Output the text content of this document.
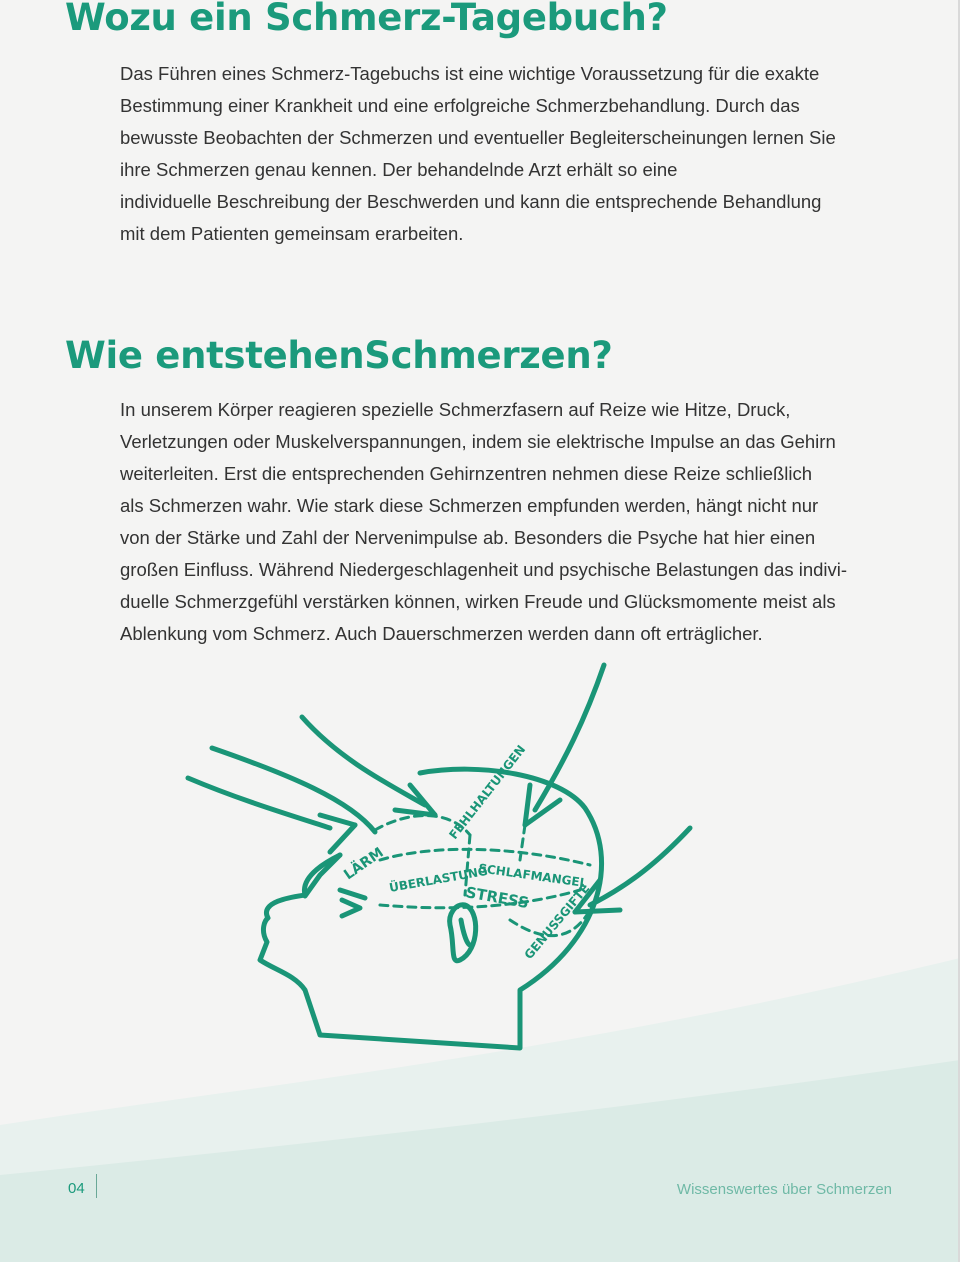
Wozu ein Schmerz-Tagebuch?

Das Führen eines Schmerz-Tagebuchs ist eine wichtige Voraussetzung für die exakte
Bestimmung einer Krankheit und eine erfolgreiche Schmerzbehandlung. Durch das
bewusste Beobachten der Schmerzen und eventueller Begleiterscheinungen lernen Sie
ihre Schmerzen genau kennen. Der behandelnde Arzt erhält so eine
individuelle Beschreibung der Beschwerden und kann die entsprechende Behandlung
mit dem Patienten gemeinsam erarbeiten.

Wie entstehenSchmerzen?

In unserem Körper reagieren spezielle Schmerzfasern auf Reize wie Hitze, Druck,
Verletzungen oder Muskelverspannungen, indem sie elektrische Impulse an das Gehirn
weiterleiten. Erst die entsprechenden Gehirnzentren nehmen diese Reize schließlich
als Schmerzen wahr. Wie stark diese Schmerzen empfunden werden, hängt nicht nur
von der Stärke und Zahl der Nervenimpulse ab. Besonders die Psyche hat hier einen
großen Einfluss. Während Niedergeschlagenheit und psychische Belastungen das indivi-
duelle Schmerzgefühl verstärken können, wirken Freude und Glücksmomente meist als
Ablenkung vom Schmerz. Auch Dauerschmerzen werden dann oft erträglicher.

LÄRM
FEHLHALTUNGEN
ÜBERLASTUNG
SCHLAFMANGEL
STRESS
GENUSSGIFTE
04	Wissenswertes über Schmerzen
